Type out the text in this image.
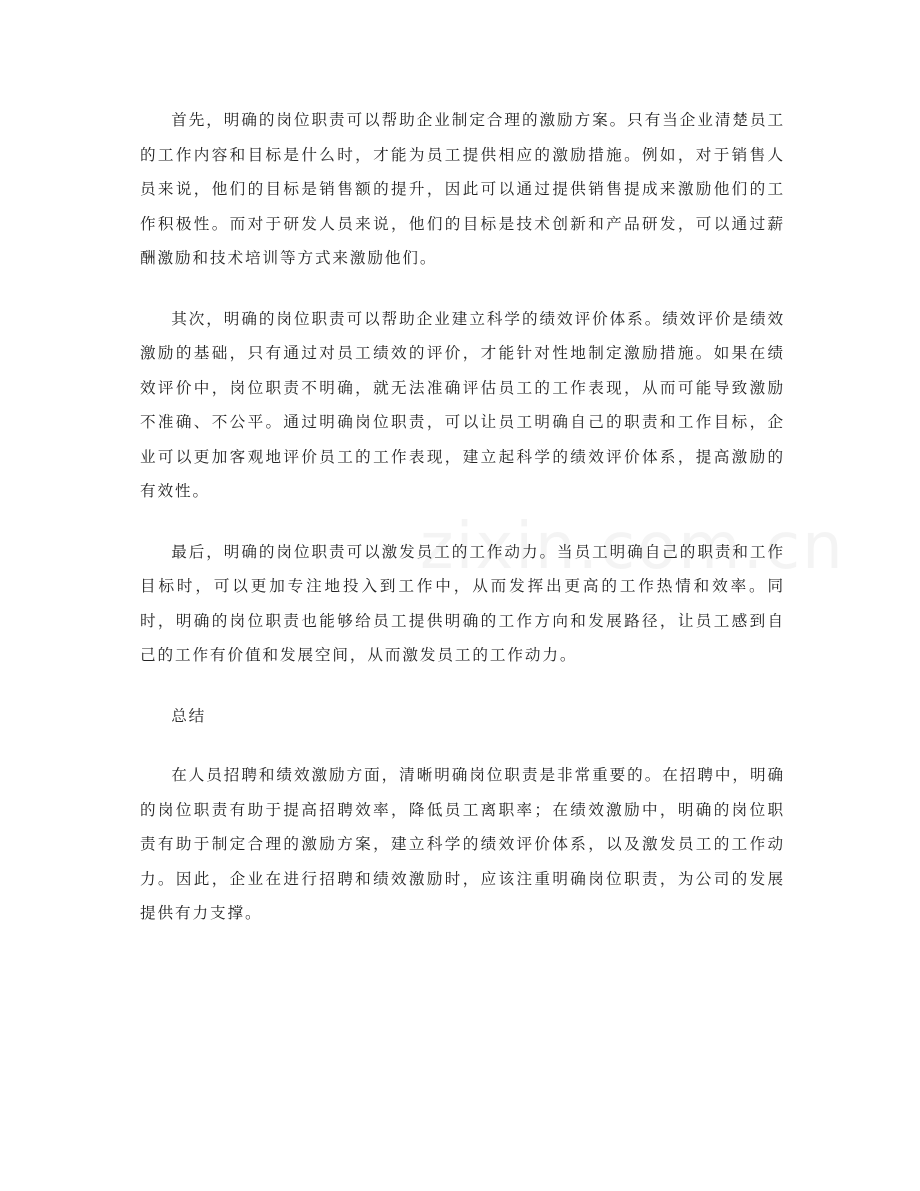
首先，明确的岗位职责可以帮助企业制定合理的激励方案。只有当企业清楚员工的工作内容和目标是什么时，才能为员工提供相应的激励措施。例如，对于销售人员来说，他们的目标是销售额的提升，因此可以通过提供销售提成来激励他们的工作积极性。而对于研发人员来说，他们的目标是技术创新和产品研发，可以通过薪酬激励和技术培训等方式来激励他们。

其次，明确的岗位职责可以帮助企业建立科学的绩效评价体系。绩效评价是绩效激励的基础，只有通过对员工绩效的评价，才能针对性地制定激励措施。如果在绩效评价中，岗位职责不明确，就无法准确评估员工的工作表现，从而可能导致激励不准确、不公平。通过明确岗位职责，可以让员工明确自己的职责和工作目标，企业可以更加客观地评价员工的工作表现，建立起科学的绩效评价体系，提高激励的有效性。

最后，明确的岗位职责可以激发员工的工作动力。当员工明确自己的职责和工作目标时，可以更加专注地投入到工作中，从而发挥出更高的工作热情和效率。同时，明确的岗位职责也能够给员工提供明确的工作方向和发展路径，让员工感到自己的工作有价值和发展空间，从而激发员工的工作动力。

总结

在人员招聘和绩效激励方面，清晰明确岗位职责是非常重要的。在招聘中，明确的岗位职责有助于提高招聘效率，降低员工离职率；在绩效激励中，明确的岗位职责有助于制定合理的激励方案，建立科学的绩效评价体系，以及激发员工的工作动力。因此，企业在进行招聘和绩效激励时，应该注重明确岗位职责，为公司的发展提供有力支撑。
